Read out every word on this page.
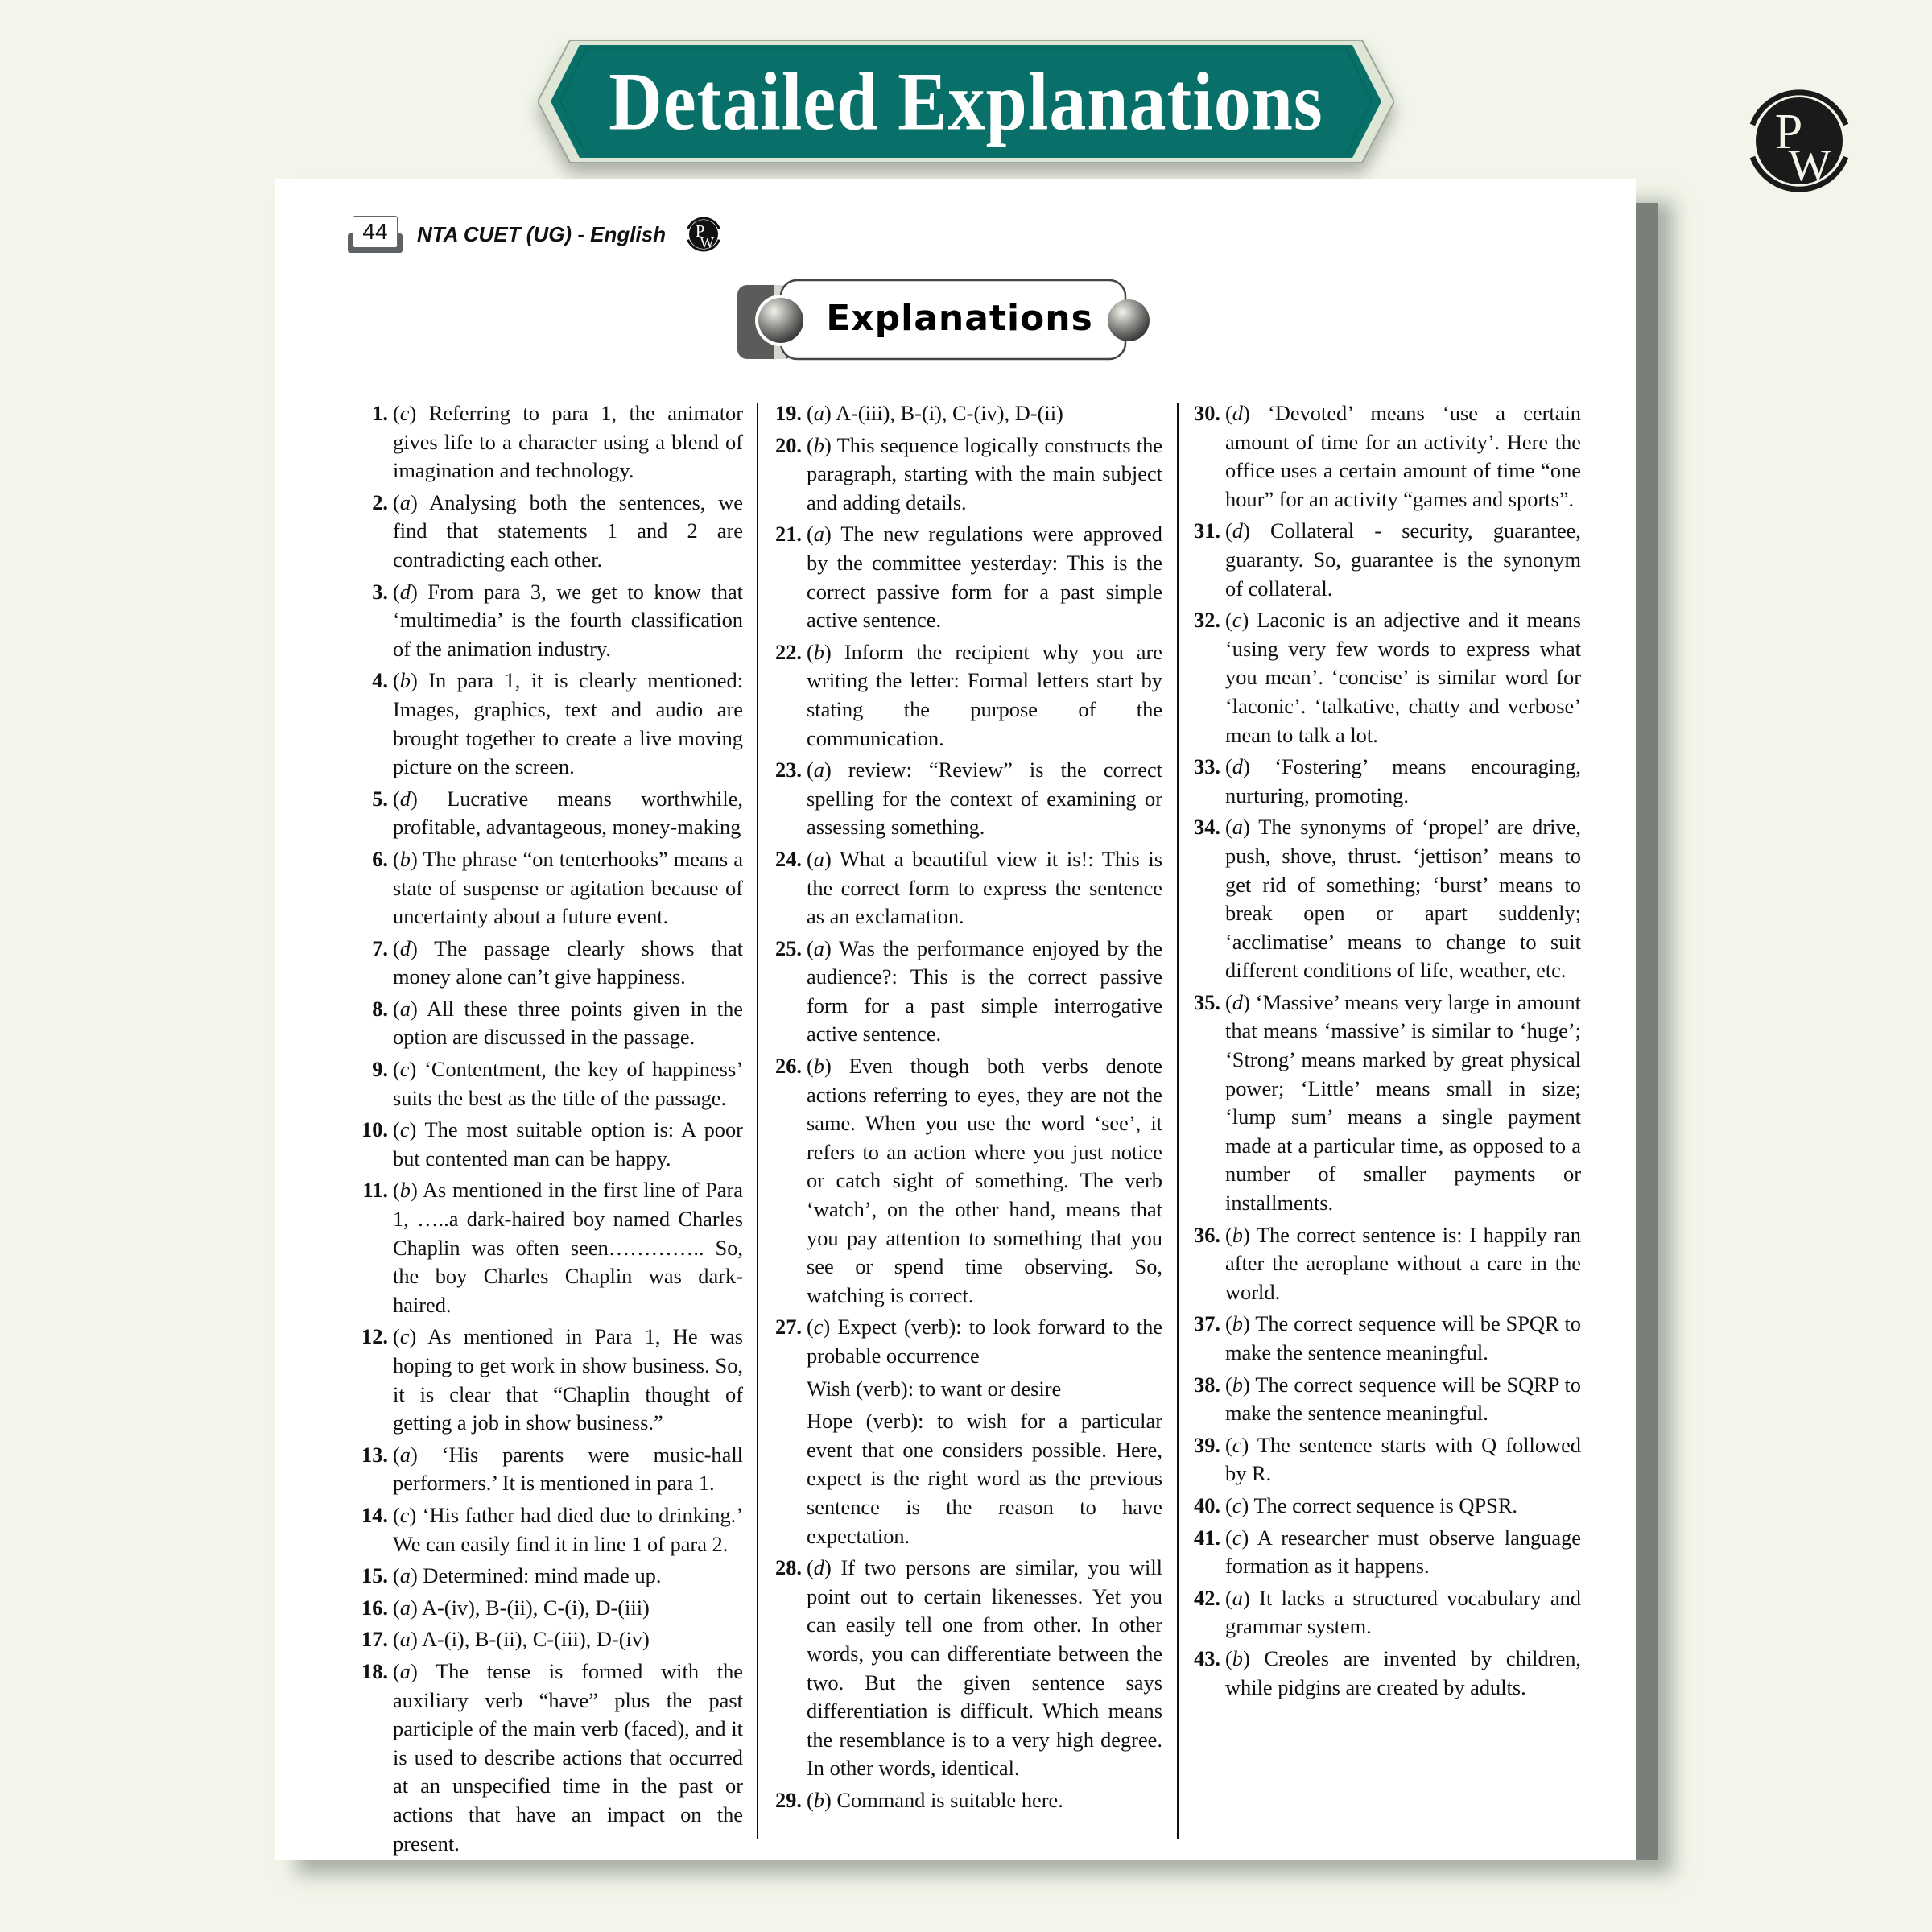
Detailed Explanations	P
W
44	NTA CUET (UG) - English P
W
Explanations
1. (c) Referring to para 1, the animator gives life to a character using a blend of imagination and technology.

2. (a) Analysing both the sentences, we find that statements 1 and 2 are contradicting each other.

3. (d) From para 3, we get to know that ‘multimedia’ is the fourth classification of the animation industry.

4. (b) In para 1, it is clearly mentioned: Images, graphics, text and audio are brought together to create a live moving picture on the screen.

5. (d) Lucrative means worthwhile, profitable, advantageous, money-making

6. (b) The phrase “on tenterhooks” means a state of suspense or agitation because of uncertainty about a future event.

7. (d) The passage clearly shows that money alone can’t give happiness.

8. (a) All these three points given in the option are discussed in the passage.

9. (c) ‘Contentment, the key of happiness’ suits the best as the title of the passage.

10. (c) The most suitable option is: A poor but contented man can be happy.

11. (b) As mentioned in the first line of Para 1, …..a dark-haired boy named Charles Chaplin was often seen………….. So, the boy Charles Chaplin was dark-haired.

12. (c) As mentioned in Para 1, He was hoping to get work in show business. So, it is clear that “Chaplin thought of getting a job in show business.”

13. (a) ‘His parents were music-hall performers.’ It is mentioned in para 1.

14. (c) ‘His father had died due to drinking.’ We can easily find it in line 1 of para 2.

15. (a) Determined: mind made up.

16. (a) A-(iv), B-(ii), C-(i), D-(iii)

17. (a) A-(i), B-(ii), C-(iii), D-(iv)

18. (a) The tense is formed with the auxiliary verb “have” plus the past participle of the main verb (faced), and it is used to describe actions that occurred at an unspecified time in the past or actions that have an impact on the present.

19. (a) A-(iii), B-(i), C-(iv), D-(ii)

20. (b) This sequence logically constructs the paragraph, starting with the main subject and adding details.

21. (a) The new regulations were approved by the committee yesterday: This is the correct passive form for a past simple active sentence.

22. (b) Inform the recipient why you are writing the letter: Formal letters start by stating the purpose of the communication.

23. (a) review: “Review” is the correct spelling for the context of examining or assessing something.

24. (a) What a beautiful view it is!: This is the correct form to express the sentence as an exclamation.

25. (a) Was the performance enjoyed by the audience?: This is the correct passive form for a past simple interrogative active sentence.

26. (b) Even though both verbs denote actions referring to eyes, they are not the same. When you use the word ‘see’, it refers to an action where you just notice or catch sight of something. The verb ‘watch’, on the other hand, means that you pay attention to something that you see or spend time observing. So, watching is correct.

27. (c) Expect (verb): to look forward to the probable occurrence

Wish (verb): to want or desire

Hope (verb): to wish for a particular event that one considers possible. Here, expect is the right word as the previous sentence is the reason to have expectation.

28. (d) If two persons are similar, you will point out to certain likenesses. Yet you can easily tell one from other. In other words, you can differentiate between the two. But the given sentence says differentiation is difficult. Which means the resemblance is to a very high degree. In other words, identical.

29. (b) Command is suitable here.

30. (d) ‘Devoted’ means ‘use a certain amount of time for an activity’. Here the office uses a certain amount of time “one hour” for an activity “games and sports”.

31. (d) Collateral - security, guarantee, guaranty. So, guarantee is the synonym of collateral.

32. (c) Laconic is an adjective and it means ‘using very few words to express what you mean’. ‘concise’ is similar word for ‘laconic’. ‘talkative, chatty and verbose’ mean to talk a lot.

33. (d) ‘Fostering’ means encouraging, nurturing, promoting.

34. (a) The synonyms of ‘propel’ are drive, push, shove, thrust. ‘jettison’ means to get rid of something; ‘burst’ means to break open or apart suddenly; ‘acclimatise’ means to change to suit different conditions of life, weather, etc.

35. (d) ‘Massive’ means very large in amount that means ‘massive’ is similar to ‘huge’; ‘Strong’ means marked by great physical power; ‘Little’ means small in size; ‘lump sum’ means a single payment made at a particular time, as opposed to a number of smaller payments or installments.

36. (b) The correct sentence is: I happily ran after the aeroplane without a care in the world.

37. (b) The correct sequence will be SPQR to make the sentence meaningful.

38. (b) The correct sequence will be SQRP to make the sentence meaningful.

39. (c) The sentence starts with Q followed by R.

40. (c) The correct sequence is QPSR.

41. (c) A researcher must observe language formation as it happens.

42. (a) It lacks a structured vocabulary and grammar system.

43. (b) Creoles are invented by children, while pidgins are created by adults.
